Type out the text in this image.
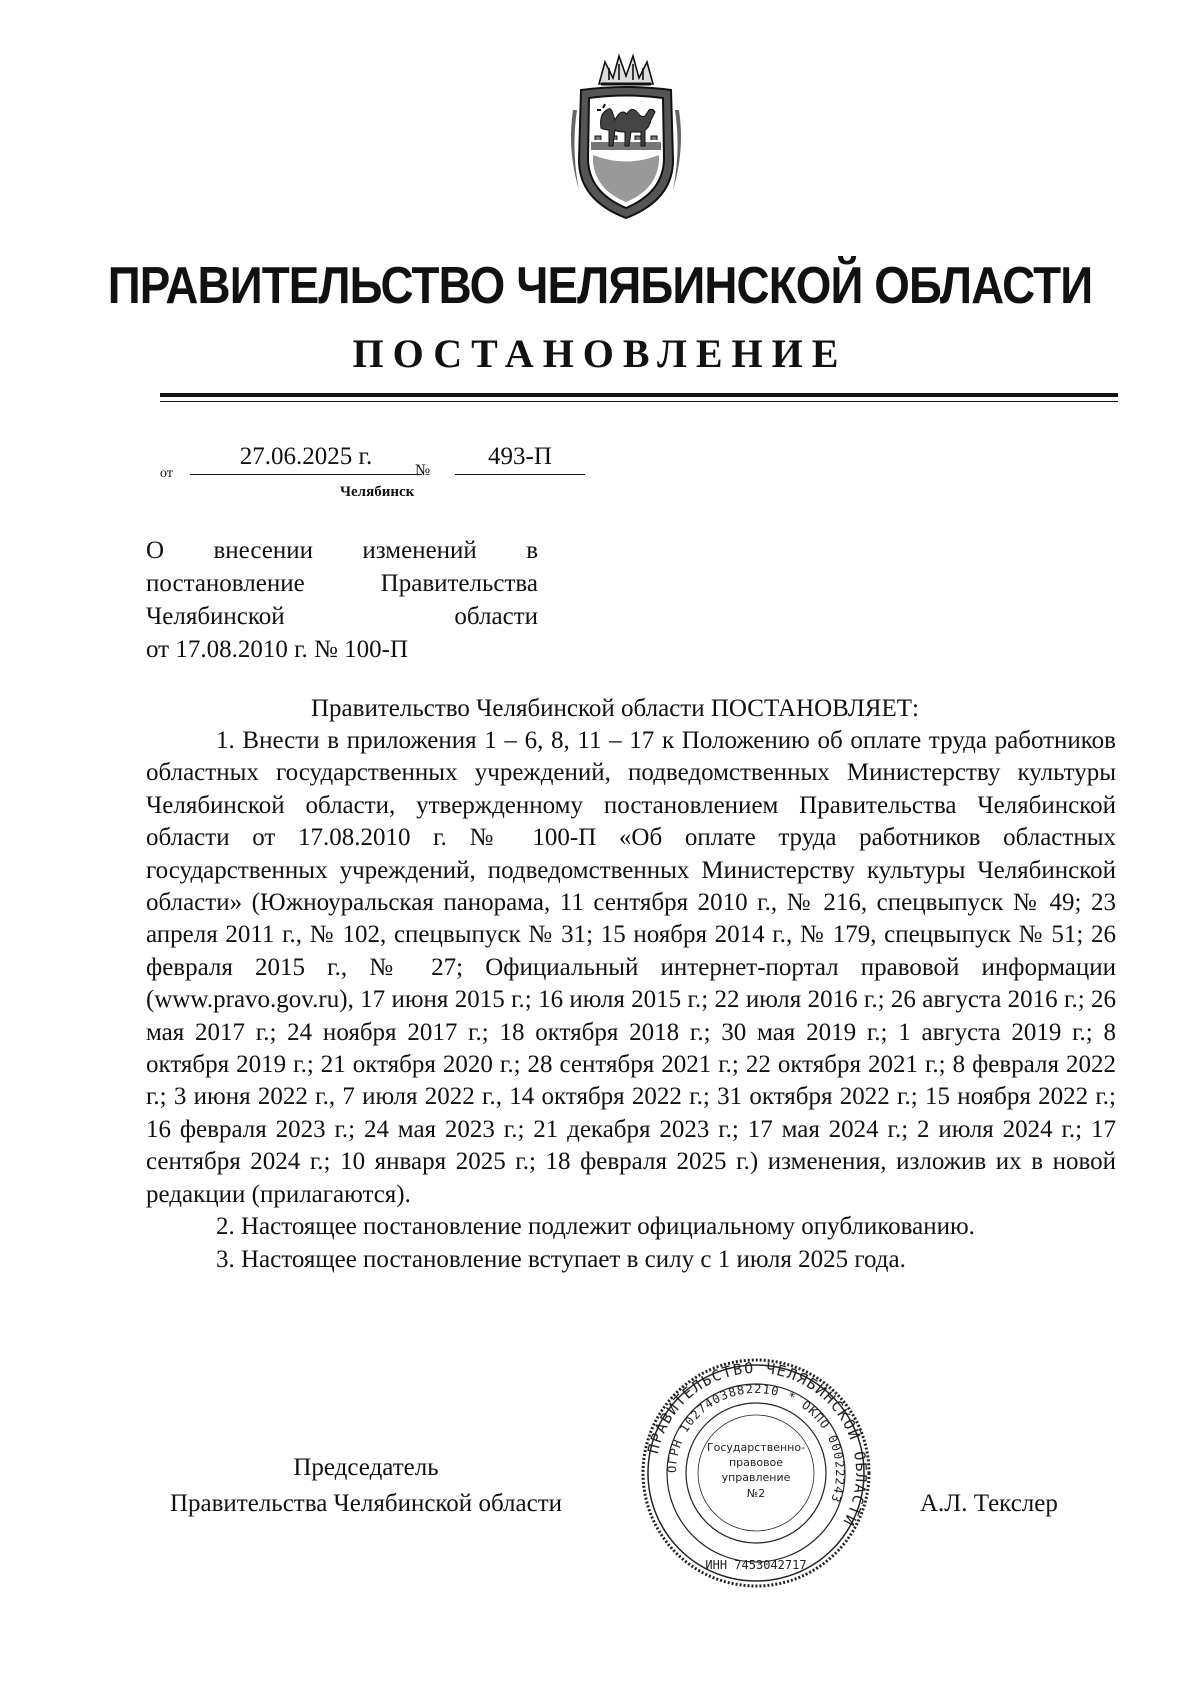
ПРАВИТЕЛЬСТВО ЧЕЛЯБИНСКОЙ ОБЛАСТИ
ПОСТАНОВЛЕНИЕ
от
27.06.2025 г.
№
493-П
Челябинск
О внесении изменений в
постановление Правительства
Челябинской области
от 17.08.2010 г. № 100-П
Правительство Челябинской области ПОСТАНОВЛЯЕТ:

1. Внести в приложения 1 – 6, 8, 11 – 17 к Положению об оплате труда работников областных государственных учреждений, подведомственных Министерству культуры Челябинской области, утвержденному постановлением Правительства Челябинской области от 17.08.2010 г. № 100-П «Об оплате труда работников областных государственных учреждений, подведомственных Министерству культуры Челябинской области» (Южноуральская панорама, 11 сентября 2010 г., № 216, спецвыпуск № 49; 23 апреля 2011 г., № 102, спецвыпуск № 31; 15 ноября 2014 г., № 179, спецвыпуск № 51; 26 февраля 2015 г., № 27; Официальный интернет-портал правовой информации (www.pravo.gov.ru), 17 июня 2015 г.; 16 июля 2015 г.; 22 июля 2016 г.; 26 августа 2016 г.; 26 мая 2017 г.; 24 ноября 2017 г.; 18 октября 2018 г.; 30 мая 2019 г.; 1 августа 2019 г.; 8 октября 2019 г.; 21 октября 2020 г.; 28 сентября 2021 г.; 22 октября 2021 г.; 8 февраля 2022 г.; 3 июня 2022 г., 7 июля 2022 г., 14 октября 2022 г.; 31 октября 2022 г.; 15 ноября 2022 г.; 16 февраля 2023 г.; 24 мая 2023 г.; 21 декабря 2023 г.; 17 мая 2024 г.; 2 июля 2024 г.; 17 сентября 2024 г.; 10 января 2025 г.; 18 февраля 2025 г.) изменения, изложив их в новой редакции (прилагаются).

2. Настоящее постановление подлежит официальному опубликованию.

3. Настоящее постановление вступает в силу с 1 июля 2025 года.

Председатель
Правительства Челябинской области	А.Л. Текслер
ПРАВИТЕЛЬСТВО ЧЕЛЯБИНСКОЙ ОБЛАСТИ
ОГРН 1027403882210 * ОКПО 00022243
ИНН 7453042717
Государственно-
правовое
управление
№2
